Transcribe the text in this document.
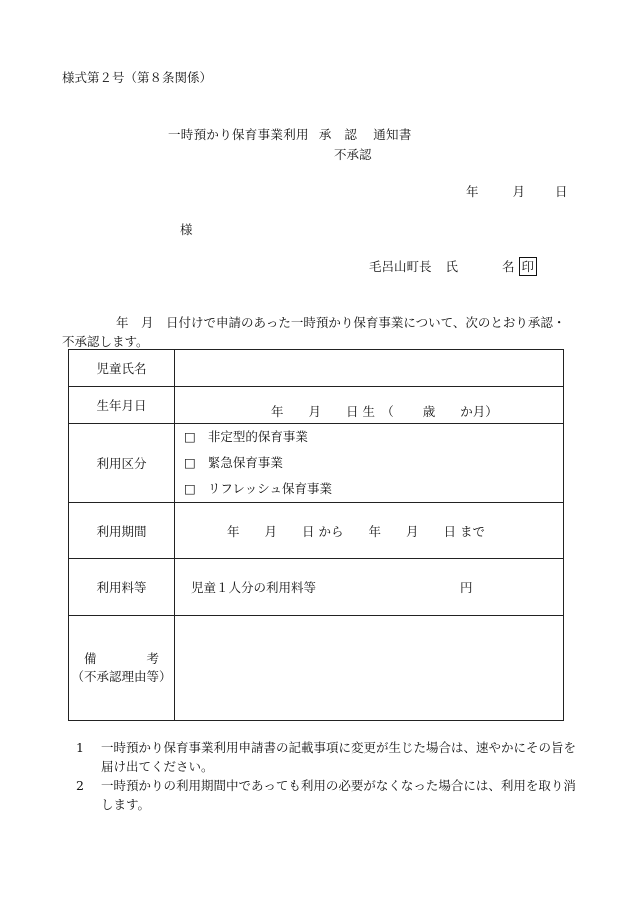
様式第２号（第８条関係）
一時預かり保育事業利用 承　認 通知書
不承認
年	月 日
様
毛呂山町長 氏	名 印
年　月　日付けで申請のあった一時預かり保育事業について、次のとおり承認・不承認します。
児童氏名	
生年月日	年　　月　　日 生　（　　 歳　　か月）

利用区分	□ 非定型的保育事業
□ 緊急保育事業
□ リフレッシュ保育事業

利用期間	年　　月　　日 から　　年　　月　　日 まで

利用料等	児童１人分の利用料等 円

備　　　　考
（不承認理由等）	

1	一時預かり保育事業利用申請書の記載事項に変更が生じた場合は、速やかにその旨を届け出てください。
2	一時預かりの利用期間中であっても利用の必要がなくなった場合には、利用を取り消します。
